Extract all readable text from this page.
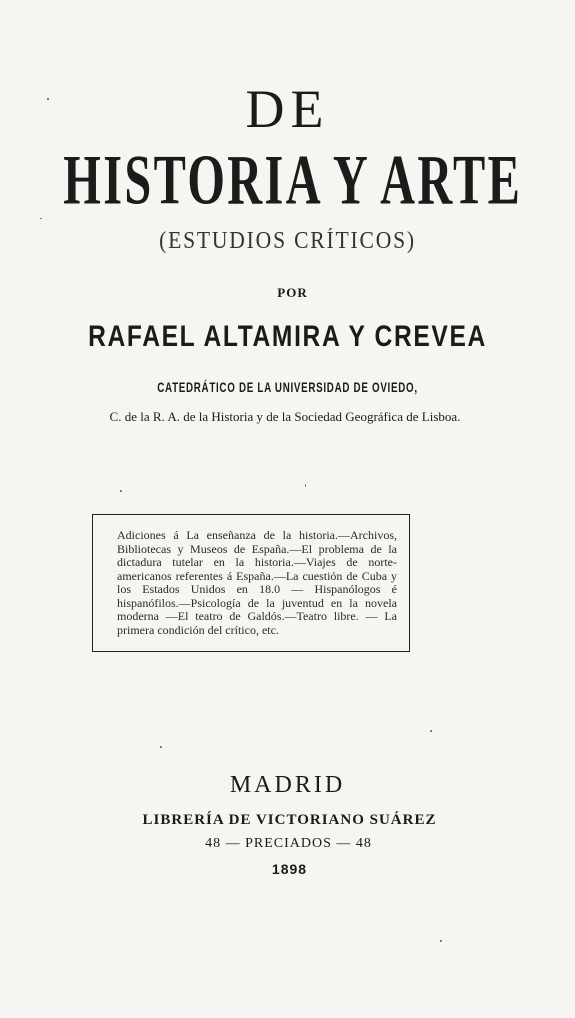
DE
HISTORIA Y ARTE
(ESTUDIOS CRÍTICOS)
POR
RAFAEL ALTAMIRA Y CREVEA
CATEDRÁTICO DE LA UNIVERSIDAD DE OVIEDO,
C. de la R. A. de la Historia y de la Sociedad Geográfica de Lisboa.
Adiciones á La enseñanza de la historia.—Archivos, Bibliotecas y Museos de España.—El problema de la dictadura tutelar en la historia.—Viajes de norte-americanos referentes á España.—La cuestión de Cuba y los Estados Unidos en 18.0 — Hispanólogos é hispanófilos.—Psicología de la juventud en la novela moderna —El teatro de Galdós.—Teatro libre. — La primera condición del crítico, etc.
MADRID
LIBRERÍA DE VICTORIANO SUÁREZ
48 — PRECIADOS — 48
1898
